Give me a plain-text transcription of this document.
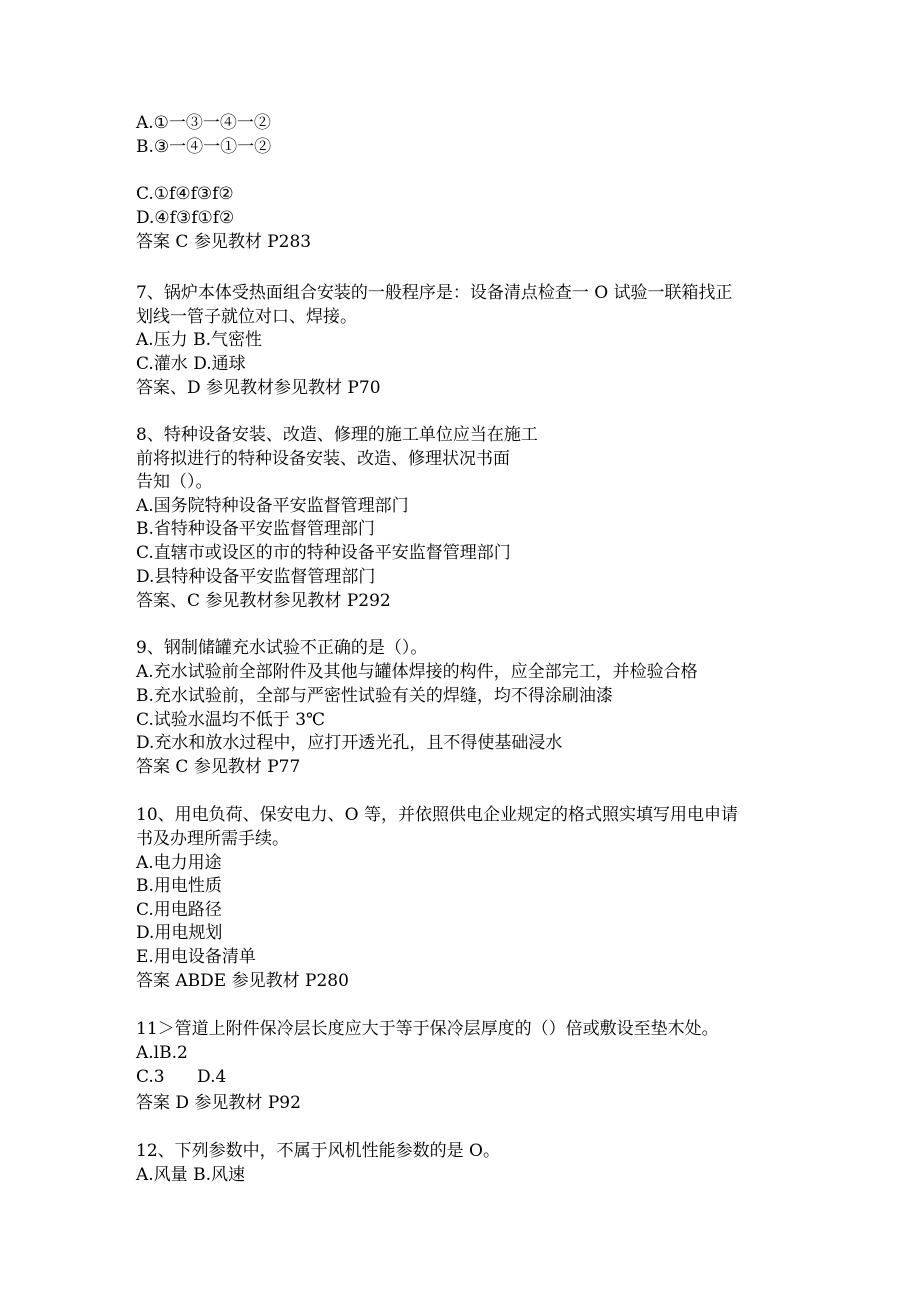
A.①一③一④一②
B.③一④一①一②
C.①f④f③f②
D.④f③f①f②
答案 C 参见教材 P283
7、锅炉本体受热面组合安装的一般程序是：设备清点检查一 O 试验一联箱找正
划线一管子就位对口、焊接。
A.压力 B.气密性
C.灌水 D.通球
答案、D 参见教材参见教材 P70
8、特种设备安装、改造、修理的施工单位应当在施工
前将拟进行的特种设备安装、改造、修理状况书面
告知（）。
A.国务院特种设备平安监督管理部门
B.省特种设备平安监督管理部门
C.直辖市或设区的市的特种设备平安监督管理部门
D.县特种设备平安监督管理部门
答案、C 参见教材参见教材 P292
9、钢制储罐充水试验不正确的是（）。
A.充水试验前全部附件及其他与罐体焊接的构件，应全部完工，并检验合格
B.充水试验前，全部与严密性试验有关的焊缝，均不得涂刷油漆
C.试验水温均不低于 3℃
D.充水和放水过程中，应打开透光孔，且不得使基础浸水
答案 C 参见教材 P77
10、用电负荷、保安电力、O 等，并依照供电企业规定的格式照实填写用电申请
书及办理所需手续。
A.电力用途
B.用电性质
C.用电路径
D.用电规划
E.用电设备清单
答案 ABDE 参见教材 P280
11＞管道上附件保冷层长度应大于等于保冷层厚度的（）倍或敷设至垫木处。
A.lB.2
C.3      D.4
答案 D 参见教材 P92
12、下列参数中，不属于风机性能参数的是 O。
A.风量 B.风速
